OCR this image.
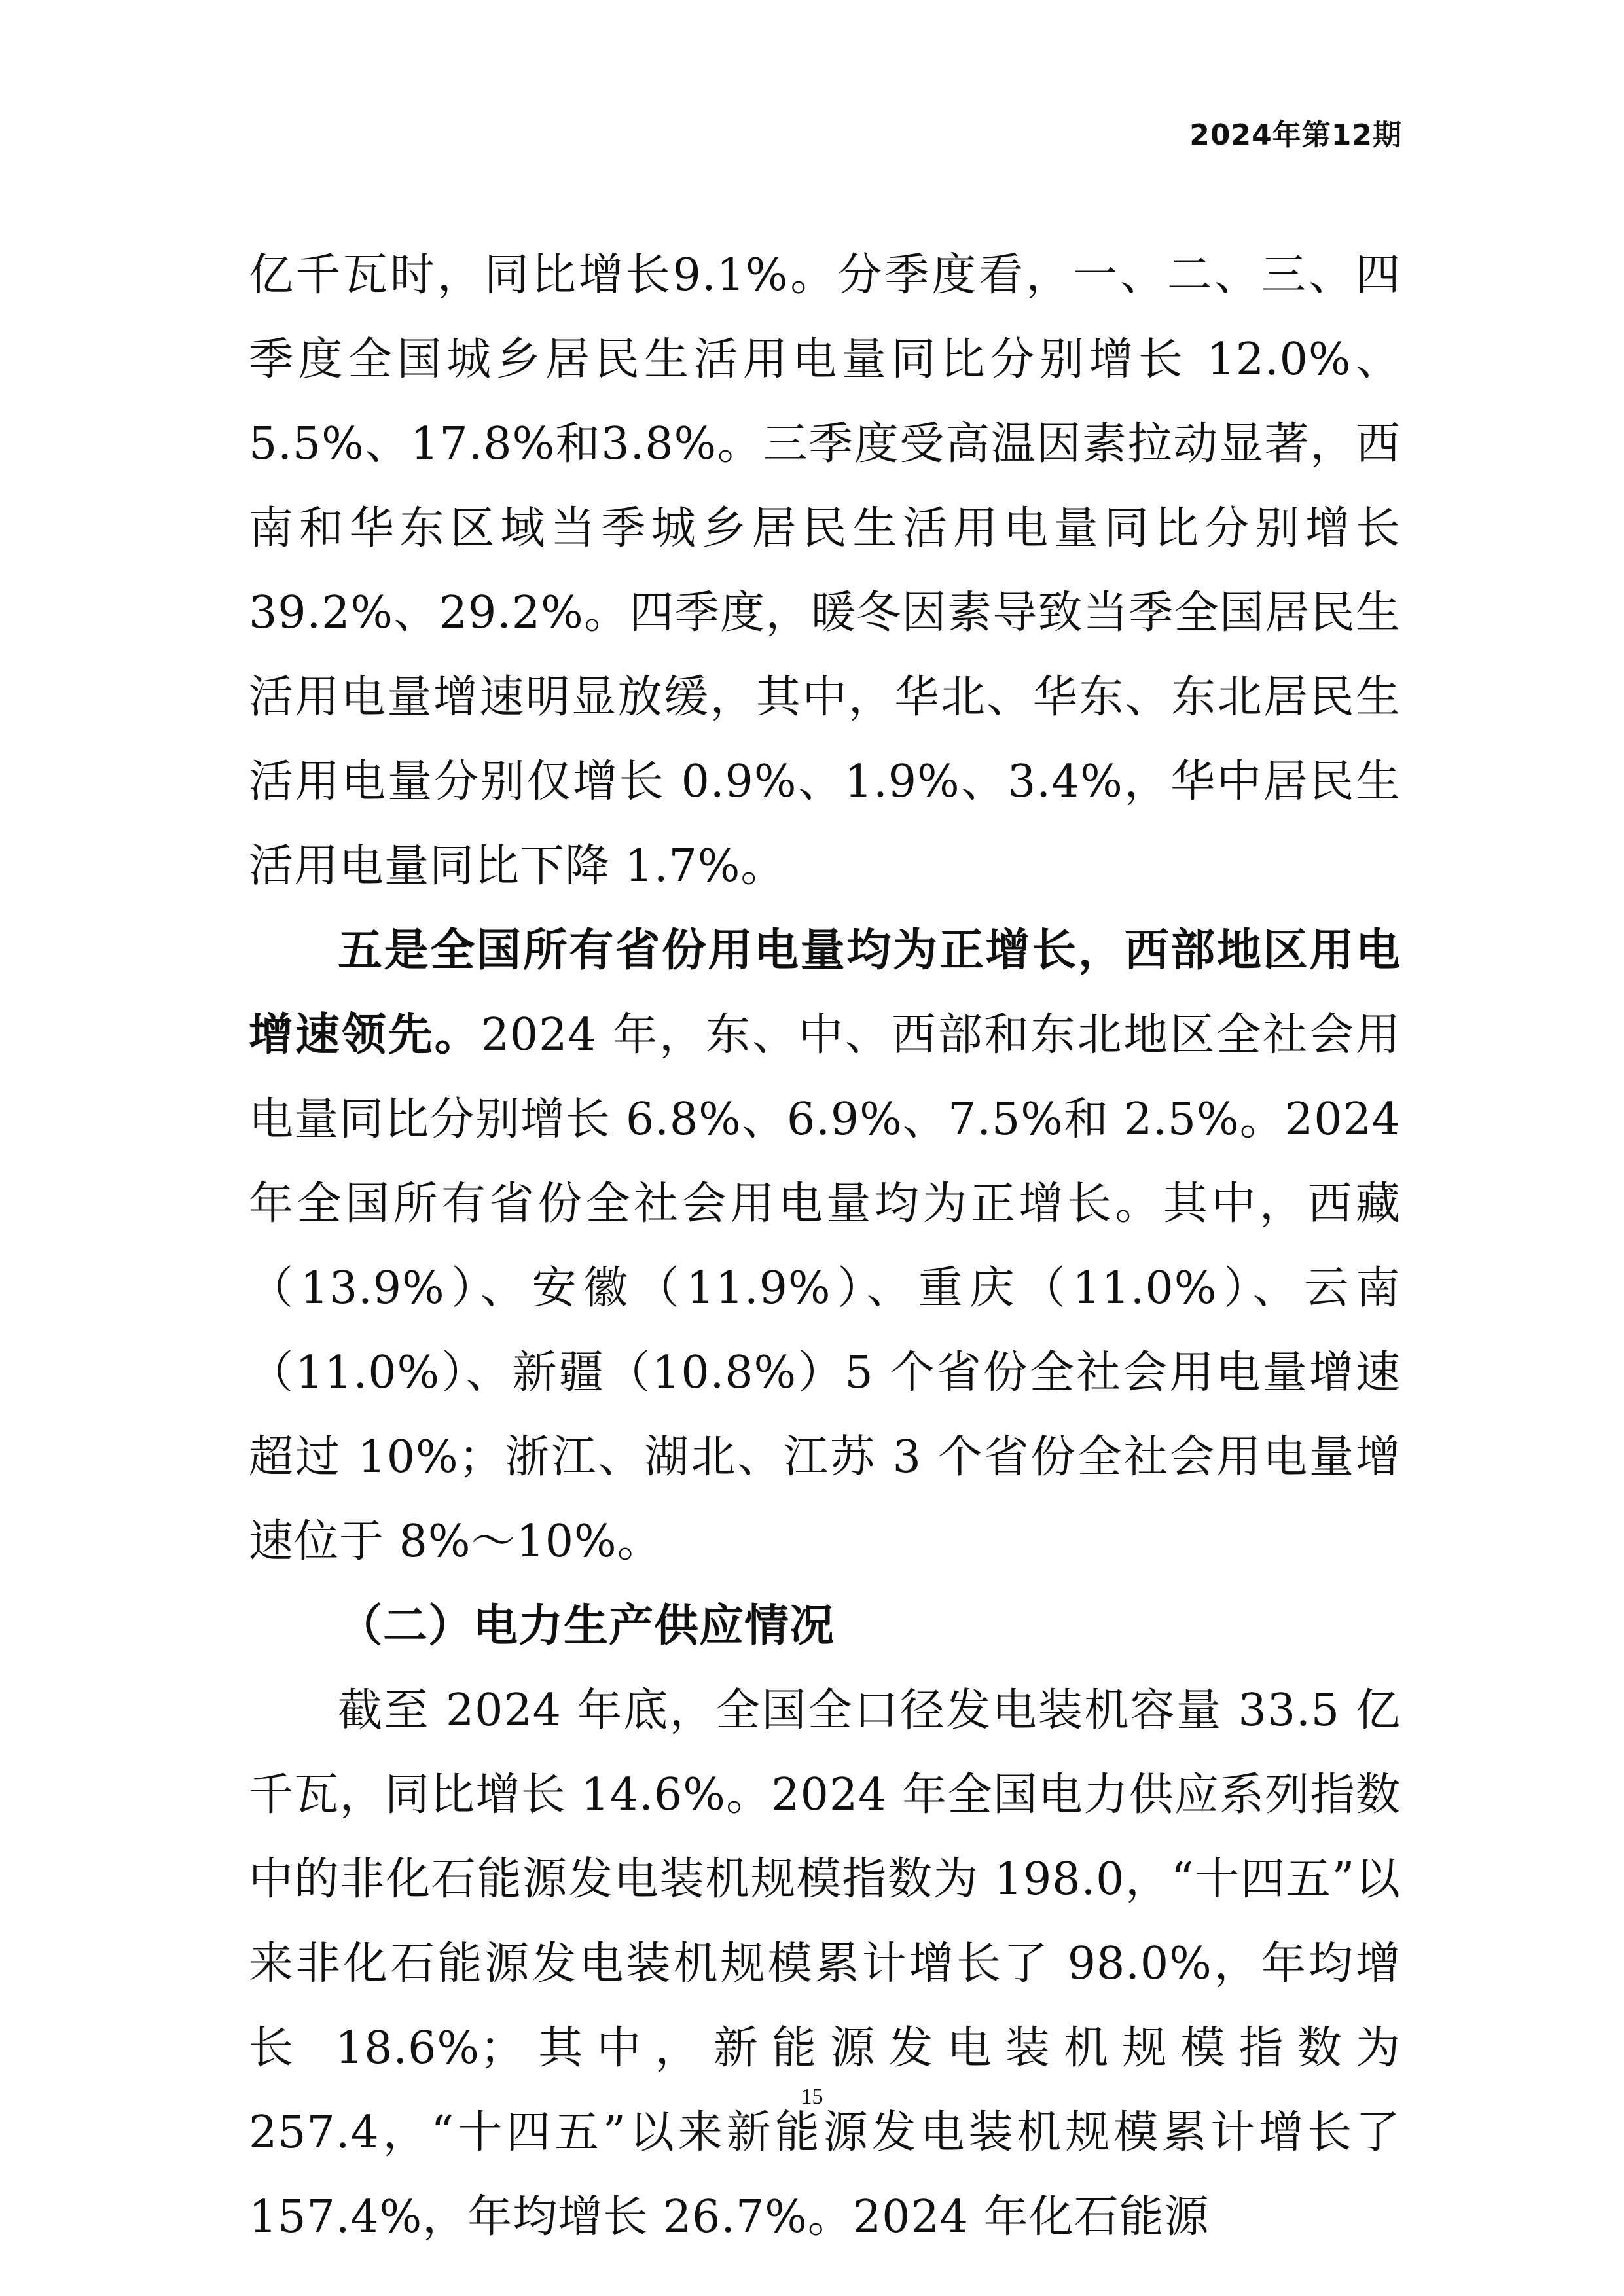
2024年第12期

亿千瓦时，同比增长9.1%。分季度看，一、二、三、四季度全国城乡居民生活用电量同比分别增长 12.0%、5.5%、17.8%和3.8%。三季度受高温因素拉动显著，西南和华东区域当季城乡居民生活用电量同比分别增长 39.2%、29.2%。四季度，暖冬因素导致当季全国居民生活用电量增速明显放缓，其中，华北、华东、东北居民生活用电量分别仅增长 0.9%、1.9%、3.4%，华中居民生活用电量同比下降 1.7%。

五是全国所有省份用电量均为正增长，西部地区用电增速领先。2024 年，东、中、西部和东北地区全社会用电量同比分别增长 6.8%、6.9%、7.5%和 2.5%。2024 年全国所有省份全社会用电量均为正增长。其中，西藏（13.9%）、安徽（11.9%）、重庆（11.0%）、云南（11.0%）、新疆（10.8%）5 个省份全社会用电量增速超过 10%；浙江、湖北、江苏 3 个省份全社会用电量增速位于 8%～10%。

（二）电力生产供应情况

截至 2024 年底，全国全口径发电装机容量 33.5 亿千瓦，同比增长 14.6%。2024 年全国电力供应系列指数中的非化石能源发电装机规模指数为 198.0，“十四五”以来非化石能源发电装机规模累计增长了 98.0%，年均增长 18.6%；其中，新能源发电装机规模指数为 257.4，“十四五”以来新能源发电装机规模累计增长了 157.4%，年均增长 26.7%。2024 年化石能源

15
